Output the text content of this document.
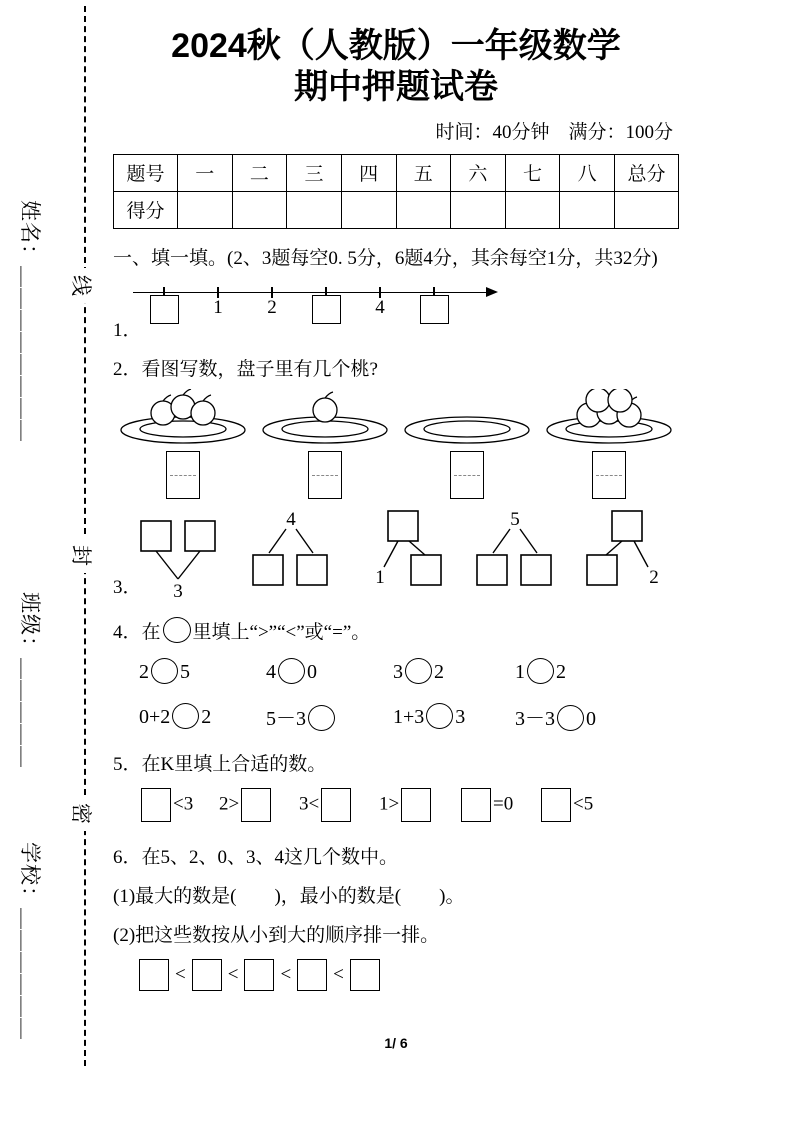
姓名：＿＿＿＿＿＿＿＿
班级：＿＿＿＿＿
学校：＿＿＿＿＿＿
线
封
密
2024秋（人教版）一年级数学
期中押题试卷
时间：40分钟　满分：100分
题号	一	二	三	四	五	六	七	八	总分
得分									
一、填一填。(2、3题每空0. 5分，6题4分，其余每空1分，共32分)
1．
1 2	4
2．看图写数，盘子里有几个桃?
3． 3
4
1
5
2
4．在 里填上“>”“<”或“=”。
2 5	4 0	3 2	1 2
0+2 2	5－3	1+3 3	3－3 0
5．在K里填上合适的数。
<3	2>	3<	1>	=0	<5
6．在5、2、0、3、4这几个数中。
(1)最大的数是(　　)，最小的数是(　　)。
(2)把这些数按从小到大的顺序排一排。
< < < <
1/ 6
